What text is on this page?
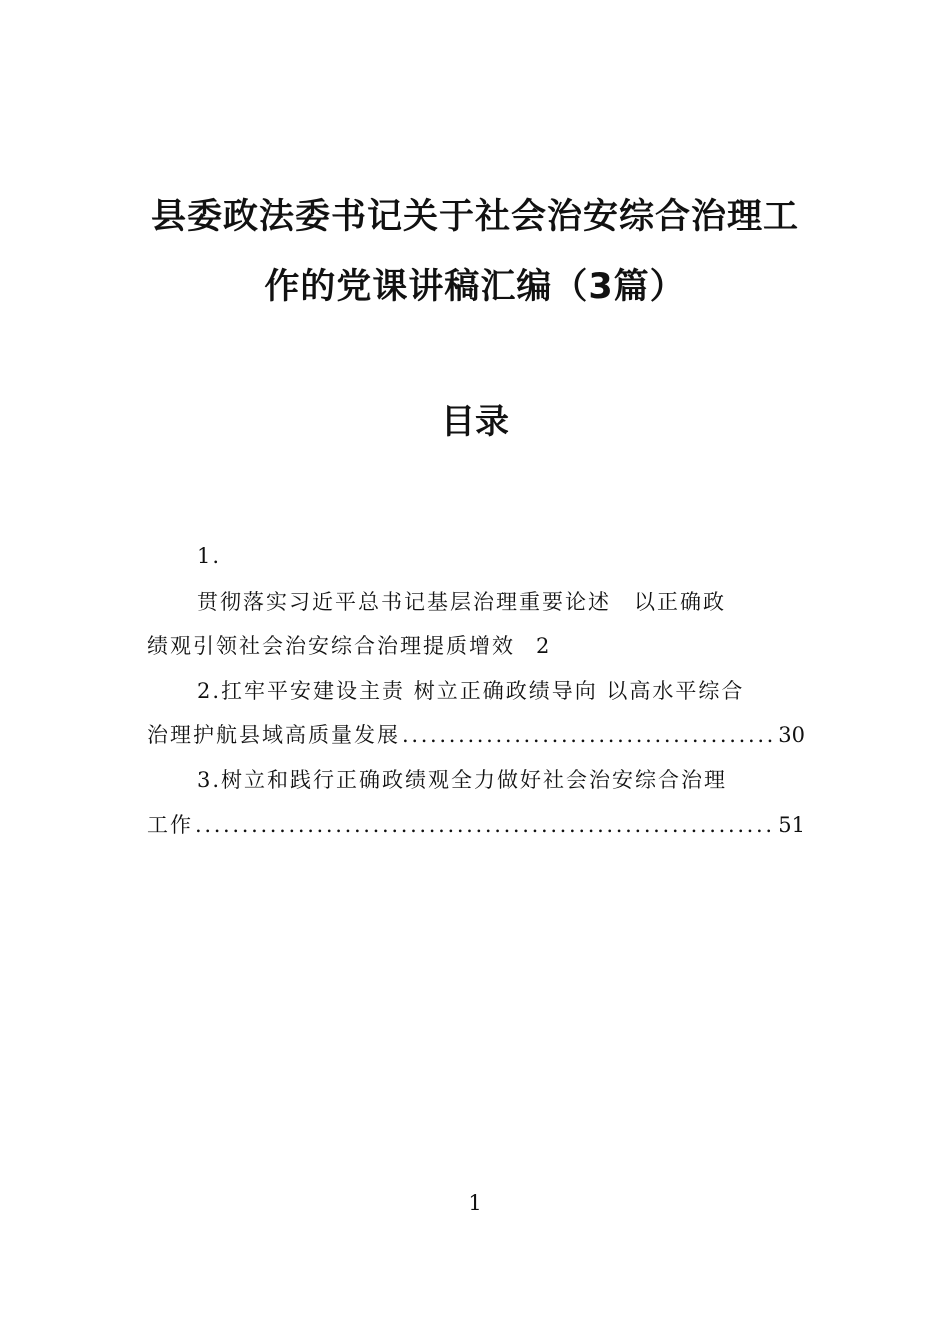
县委政法委书记关于社会治安综合治理工
作的党课讲稿汇编（3篇）
目录
1.
贯彻落实习近平总书记基层治理重要论述　以正确政
绩观引领社会治安综合治理提质增效　 2
2.扛牢平安建设主责 树立正确政绩导向 以高水平综合
治理护航县域高质量发展 . . .	30
3.树立和践行正确政绩观全力做好社会治安综合治理
工作 . . .	51
1
